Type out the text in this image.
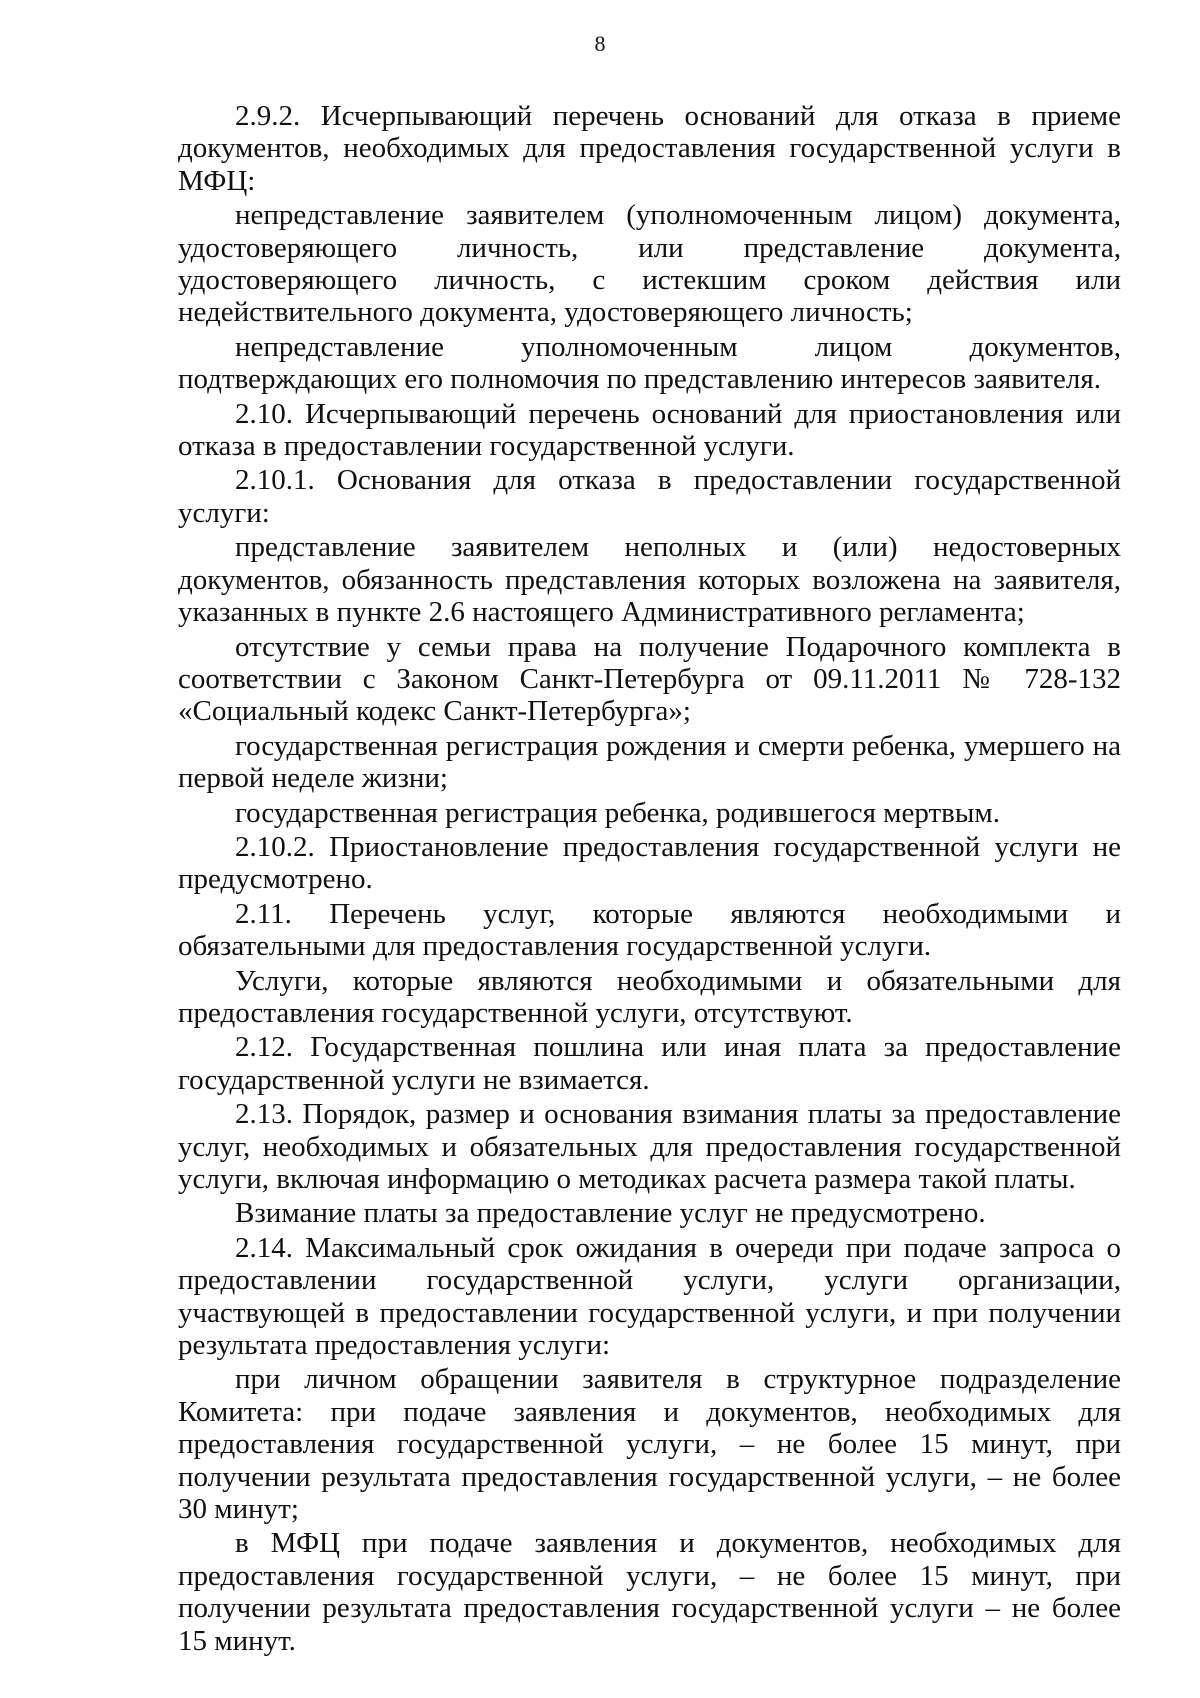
8

2.9.2. Исчерпывающий перечень оснований для отказа в приеме документов, необходимых для предоставления государственной услуги в МФЦ:

непредставление заявителем (уполномоченным лицом) документа, удостоверяющего личность, или представление документа, удостоверяющего личность, с истекшим сроком действия или недействительного документа, удостоверяющего личность;

непредставление уполномоченным лицом документов, подтверждающих его полномочия по представлению интересов заявителя.

2.10. Исчерпывающий перечень оснований для приостановления или отказа в предоставлении государственной услуги.

2.10.1. Основания для отказа в предоставлении государственной услуги:

представление заявителем неполных и (или) недостоверных документов, обязанность представления которых возложена на заявителя, указанных в пункте 2.6 настоящего Административного регламента;

отсутствие у семьи права на получение Подарочного комплекта в соответствии с Законом Санкт-Петербурга от 09.11.2011 № 728-132 «Социальный кодекс Санкт-Петербурга»;

государственная регистрация рождения и смерти ребенка, умершего на первой неделе жизни;

государственная регистрация ребенка, родившегося мертвым.

2.10.2. Приостановление предоставления государственной услуги не предусмотрено.

2.11. Перечень услуг, которые являются необходимыми и обязательными для предоставления государственной услуги.

Услуги, которые являются необходимыми и обязательными для предоставления государственной услуги, отсутствуют.

2.12. Государственная пошлина или иная плата за предоставление государственной услуги не взимается.

2.13. Порядок, размер и основания взимания платы за предоставление услуг, необходимых и обязательных для предоставления государственной услуги, включая информацию о методиках расчета размера такой платы.

Взимание платы за предоставление услуг не предусмотрено.

2.14. Максимальный срок ожидания в очереди при подаче запроса о предоставлении государственной услуги, услуги организации, участвующей в предоставлении государственной услуги, и при получении результата предоставления услуги:

при личном обращении заявителя в структурное подразделение Комитета: при подаче заявления и документов, необходимых для предоставления государственной услуги, – не более 15 минут, при получении результата предоставления государственной услуги, – не более 30 минут;

в МФЦ при подаче заявления и документов, необходимых для предоставления государственной услуги, – не более 15 минут, при получении результата предоставления государственной услуги – не более 15 минут.
